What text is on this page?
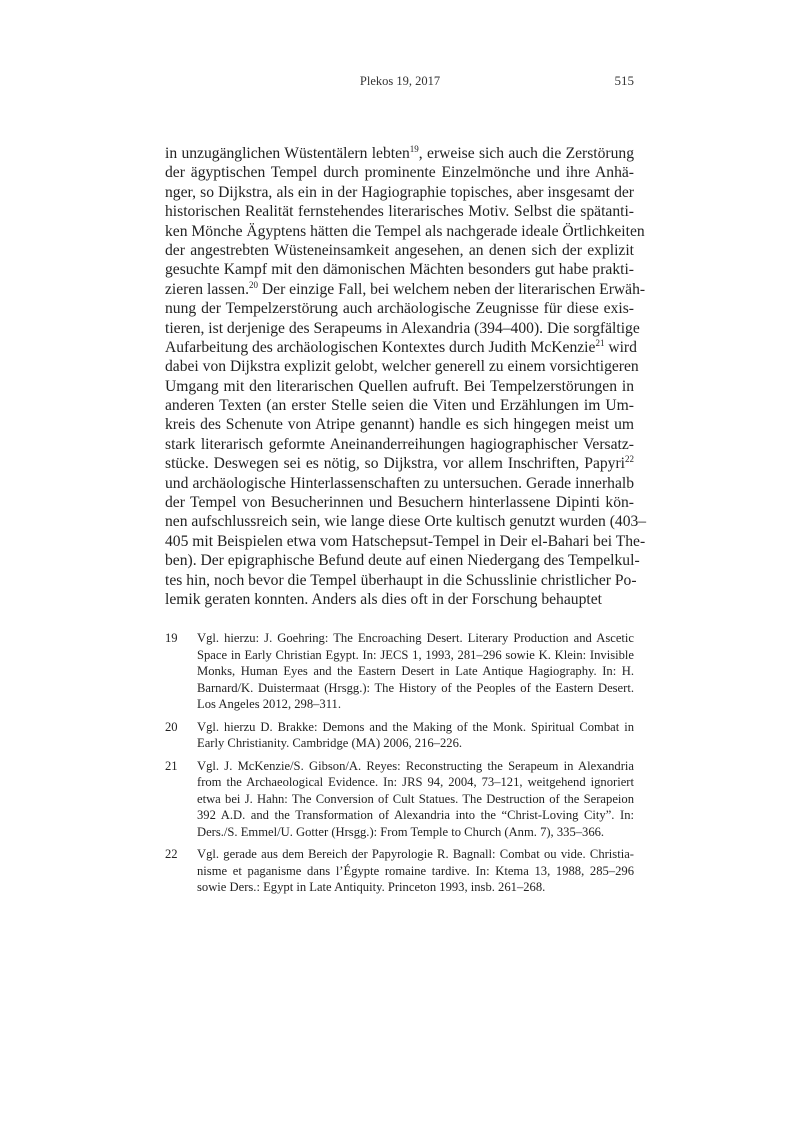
Plekos 19, 2017	515
in unzugänglichen Wüstentälern lebten$^{19}$, erweise sich auch die Zerstörung
der ägyptischen Tempel durch prominente Einzelmönche und ihre Anhä-
nger, so Dijkstra, als ein in der Hagiographie topisches, aber insgesamt der
historischen Realität fernstehendes literarisches Motiv. Selbst die spätanti-
ken Mönche Ägyptens hätten die Tempel als nachgerade ideale Örtlichkeiten
der angestrebten Wüsteneinsamkeit angesehen, an denen sich der explizit
gesuchte Kampf mit den dämonischen Mächten besonders gut habe prakti-
zieren lassen.$^{20}$ Der einzige Fall, bei welchem neben der literarischen Erwäh-
nung der Tempelzerstörung auch archäologische Zeugnisse für diese exis-
tieren, ist derjenige des Serapeums in Alexandria (394–400). Die sorgfältige
Aufarbeitung des archäologischen Kontextes durch Judith McKenzie$^{21}$ wird
dabei von Dijkstra explizit gelobt, welcher generell zu einem vorsichtigeren
Umgang mit den literarischen Quellen aufruft. Bei Tempelzerstörungen in
anderen Texten (an erster Stelle seien die Viten und Erzählungen im Um-
kreis des Schenute von Atripe genannt) handle es sich hingegen meist um
stark literarisch geformte Aneinanderreihungen hagiographischer Versatz-
stücke. Deswegen sei es nötig, so Dijkstra, vor allem Inschriften, Papyri$^{22}$
und archäologische Hinterlassenschaften zu untersuchen. Gerade innerhalb
der Tempel von Besucherinnen und Besuchern hinterlassene Dipinti kön-
nen aufschlussreich sein, wie lange diese Orte kultisch genutzt wurden (403–
405 mit Beispielen etwa vom Hatschepsut-Tempel in Deir el-Bahari bei The-
ben). Der epigraphische Befund deute auf einen Niedergang des Tempelkul-
tes hin, noch bevor die Tempel überhaupt in die Schusslinie christlicher Po-
lemik geraten konnten. Anders als dies oft in der Forschung behauptet
19 Vgl. hierzu: J. Goehring: The Encroaching Desert. Literary Production and Ascetic
Space in Early Christian Egypt. In: JECS 1, 1993, 281–296 sowie K. Klein: Invisible
Monks, Human Eyes and the Eastern Desert in Late Antique Hagiography. In: H.
Barnard/K. Duistermaat (Hrsgg.): The History of the Peoples of the Eastern Desert.
Los Angeles 2012, 298–311.
20 Vgl. hierzu D. Brakke: Demons and the Making of the Monk. Spiritual Combat in
Early Christianity. Cambridge (MA) 2006, 216–226.
21 Vgl. J. McKenzie/S. Gibson/A. Reyes: Reconstructing the Serapeum in Alexandria
from the Archaeological Evidence. In: JRS 94, 2004, 73–121, weitgehend ignoriert
etwa bei J. Hahn: The Conversion of Cult Statues. The Destruction of the Serapeion
392 A.D. and the Transformation of Alexandria into the “Christ-Loving City”. In:
Ders./S. Emmel/U. Gotter (Hrsgg.): From Temple to Church (Anm. 7), 335–366.
22 Vgl. gerade aus dem Bereich der Papyrologie R. Bagnall: Combat ou vide. Christia-
nisme et paganisme dans l’Égypte romaine tardive. In: Ktema 13, 1988, 285–296
sowie Ders.: Egypt in Late Antiquity. Princeton 1993, insb. 261–268.
